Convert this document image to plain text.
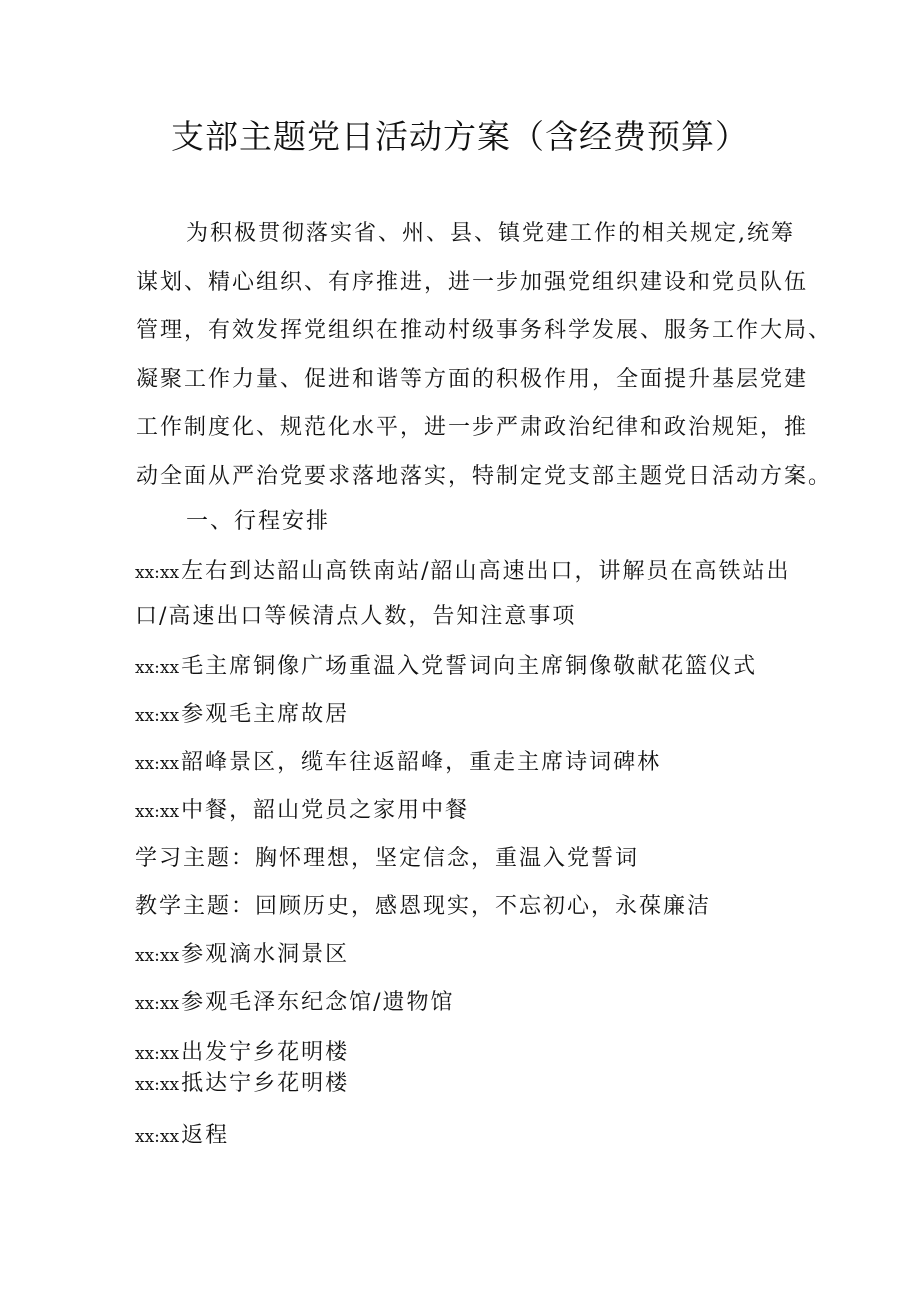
支部主题党日活动方案（含经费预算）
为积极贯彻落实省、州、县、镇党建工作的相关规定,统筹
谋划、精心组织、有序推进，进一步加强党组织建设和党员队伍
管理，有效发挥党组织在推动村级事务科学发展、服务工作大局、
凝聚工作力量、促进和谐等方面的积极作用，全面提升基层党建
工作制度化、规范化水平，进一步严肃政治纪律和政治规矩，推
动全面从严治党要求落地落实，特制定党支部主题党日活动方案。
一、行程安排
xx:xx左右到达韶山高铁南站/韶山高速出口，讲解员在高铁站出
口/高速出口等候清点人数，告知注意事项
xx:xx毛主席铜像广场重温入党誓词向主席铜像敬献花篮仪式
xx:xx参观毛主席故居
xx:xx韶峰景区，缆车往返韶峰，重走主席诗词碑林
xx:xx中餐，韶山党员之家用中餐
学习主题：胸怀理想，坚定信念，重温入党誓词
教学主题：回顾历史，感恩现实，不忘初心，永葆廉洁
xx:xx参观滴水洞景区
xx:xx参观毛泽东纪念馆/遗物馆
xx:xx出发宁乡花明楼
xx:xx抵达宁乡花明楼
xx:xx返程
